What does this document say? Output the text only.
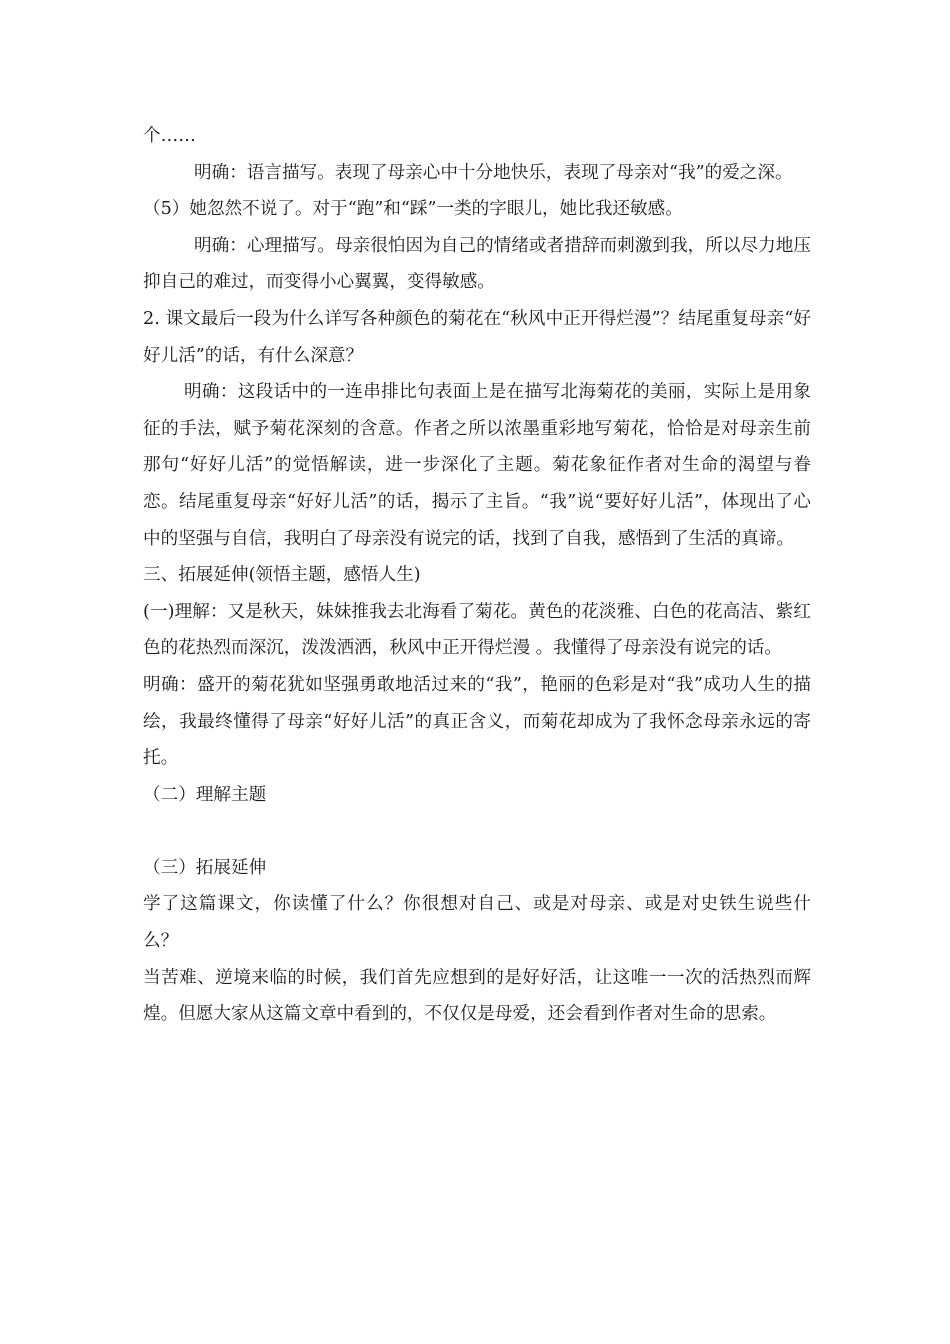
个……

明确：语言描写。表现了母亲心中十分地快乐，表现了母亲对“我”的爱之深。

（5）她忽然不说了。对于“跑”和“踩”一类的字眼儿，她比我还敏感。

明确：心理描写。母亲很怕因为自己的情绪或者措辞而刺激到我，所以尽力地压抑自己的难过，而变得小心翼翼，变得敏感。

2. 课文最后一段为什么详写各种颜色的菊花在“秋风中正开得烂漫”？结尾重复母亲“好好儿活”的话，有什么深意？

明确：这段话中的一连串排比句表面上是在描写北海菊花的美丽，实际上是用象征的手法，赋予菊花深刻的含意。作者之所以浓墨重彩地写菊花，恰恰是对母亲生前那句“好好儿活”的觉悟解读，进一步深化了主题。菊花象征作者对生命的渴望与眷恋。结尾重复母亲“好好儿活”的话，揭示了主旨。“我”说“要好好儿活”，体现出了心中的坚强与自信，我明白了母亲没有说完的话，找到了自我，感悟到了生活的真谛。

三、拓展延伸(领悟主题，感悟人生)

(一)理解：又是秋天，妹妹推我去北海看了菊花。黄色的花淡雅、白色的花高洁、紫红色的花热烈而深沉，泼泼洒洒，秋风中正开得烂漫 。我懂得了母亲没有说完的话。

明确：盛开的菊花犹如坚强勇敢地活过来的“我”，艳丽的色彩是对“我”成功人生的描绘，我最终懂得了母亲“好好儿活”的真正含义，而菊花却成为了我怀念母亲永远的寄托。

（二）理解主题

（三）拓展延伸

学了这篇课文，你读懂了什么？你很想对自己、或是对母亲、或是对史铁生说些什么？

当苦难、逆境来临的时候，我们首先应想到的是好好活，让这唯一一次的活热烈而辉煌。但愿大家从这篇文章中看到的，不仅仅是母爱，还会看到作者对生命的思索。
